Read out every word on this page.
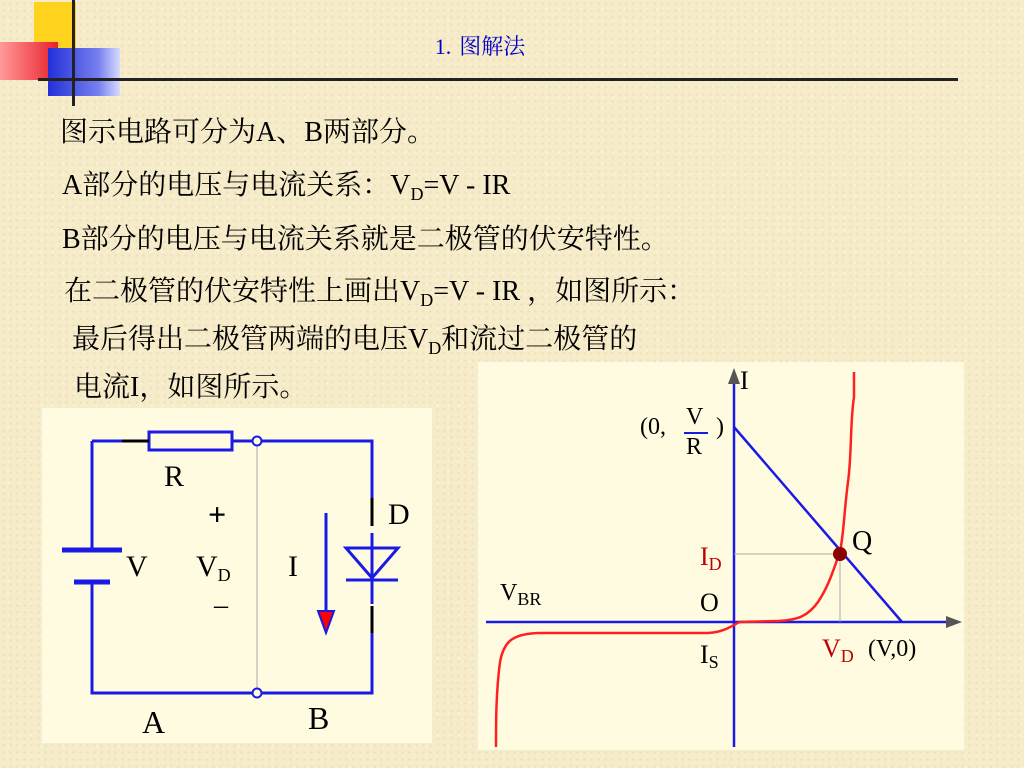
1. 图解法
图示电路可分为A、B两部分。
A部分的电压与电流关系：$V_D=V$ - IR
B部分的电压与电流关系就是二极管的伏安特性。
在二极管的伏安特性上画出$V_D=V$ - IR ，如图所示：
最后得出二极管两端的电压$V_D$和流过二极管的
电流I，如图所示。
R
+	D
V $V_D$ I
–
A	B
I
(0, V
R
)
Q
$I_D$
$V_{BR}$	O
$I_S$	$V_D$ (V,0)
